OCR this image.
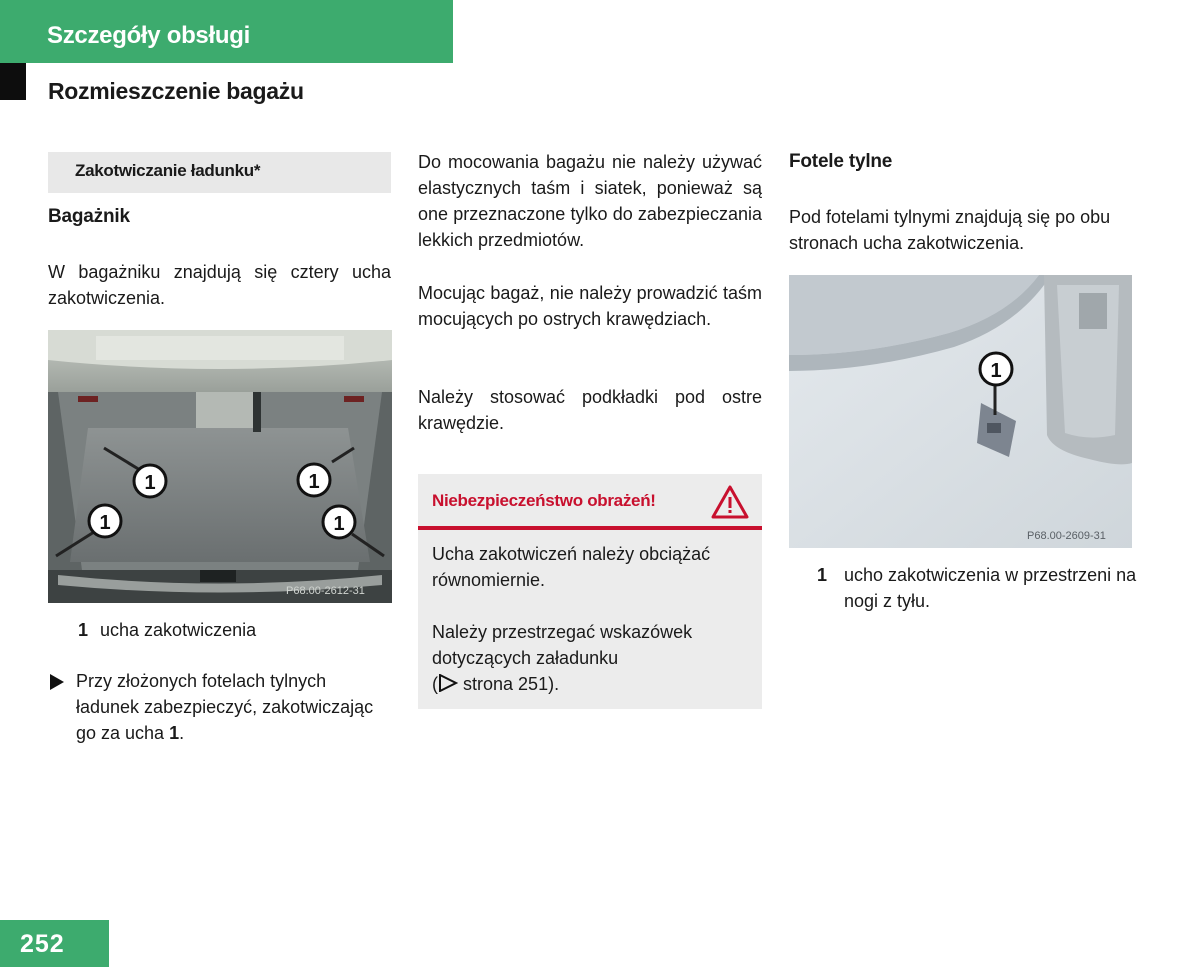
Szczegóły obsługi
Rozmieszczenie bagażu
Zakotwiczanie ładunku*
Bagażnik
W bagażniku znajdują się cztery ucha zakotwiczenia.
1	1
1	1
P68.00-2612-31
1 ucha zakotwiczenia
Przy złożonych fotelach tylnych ładunek zabezpieczyć, zakotwiczając go za ucha 1.
Do mocowania bagażu nie należy używać elastycznych taśm i siatek, ponieważ są one przeznaczone tylko do zabezpieczania lekkich przedmiotów.
Mocując bagaż, nie należy prowadzić taśm mocujących po ostrych krawędziach.
Należy stosować podkładki pod ostre krawędzie.
Niebezpieczeństwo obrażeń!
Ucha zakotwiczeń należy obciążać równomiernie.
Należy przestrzegać wskazówek dotyczących załadunku
( strona 251).
Fotele tylne
Pod fotelami tylnymi znajdują się po obu stronach ucha zakotwiczenia.
1
P68.00-2609-31
1 ucho zakotwiczenia w przestrzeni na nogi z tyłu.
252
